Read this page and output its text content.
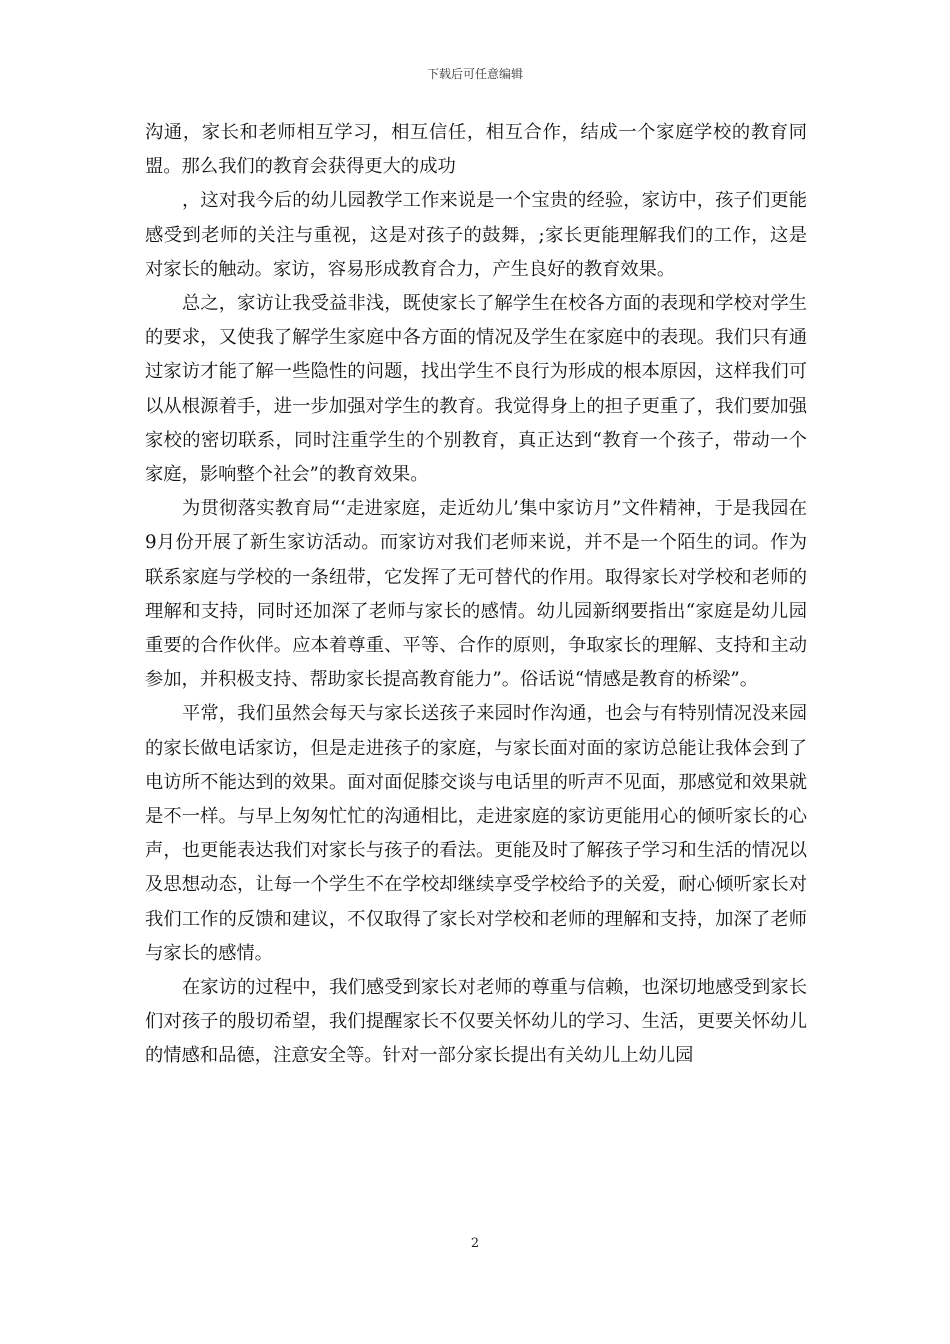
下载后可任意编辑

沟通，家长和老师相互学习，相互信任，相互合作，结成一个家庭学校的教育同盟。那么我们的教育会获得更大的成功

，这对我今后的幼儿园教学工作来说是一个宝贵的经验，家访中，孩子们更能感受到老师的关注与重视，这是对孩子的鼓舞，;家长更能理解我们的工作，这是对家长的触动。家访，容易形成教育合力，产生良好的教育效果。

总之，家访让我受益非浅，既使家长了解学生在校各方面的表现和学校对学生的要求，又使我了解学生家庭中各方面的情况及学生在家庭中的表现。我们只有通过家访才能了解一些隐性的问题，找出学生不良行为形成的根本原因，这样我们可以从根源着手，进一步加强对学生的教育。我觉得身上的担子更重了，我们要加强家校的密切联系，同时注重学生的个别教育，真正达到“教育一个孩子，带动一个家庭，影响整个社会”的教育效果。

为贯彻落实教育局“‘走进家庭，走近幼儿’集中家访月”文件精神，于是我园在9月份开展了新生家访活动。而家访对我们老师来说，并不是一个陌生的词。作为联系家庭与学校的一条纽带，它发挥了无可替代的作用。取得家长对学校和老师的理解和支持，同时还加深了老师与家长的感情。幼儿园新纲要指出“家庭是幼儿园重要的合作伙伴。应本着尊重、平等、合作的原则，争取家长的理解、支持和主动参加，并积极支持、帮助家长提高教育能力”。俗话说“情感是教育的桥梁”。

平常，我们虽然会每天与家长送孩子来园时作沟通，也会与有特别情况没来园的家长做电话家访，但是走进孩子的家庭，与家长面对面的家访总能让我体会到了电访所不能达到的效果。面对面促膝交谈与电话里的听声不见面，那感觉和效果就是不一样。与早上匆匆忙忙的沟通相比，走进家庭的家访更能用心的倾听家长的心声，也更能表达我们对家长与孩子的看法。更能及时了解孩子学习和生活的情况以及思想动态，让每一个学生不在学校却继续享受学校给予的关爱，耐心倾听家长对我们工作的反馈和建议，不仅取得了家长对学校和老师的理解和支持，加深了老师与家长的感情。

在家访的过程中，我们感受到家长对老师的尊重与信赖，也深切地感受到家长们对孩子的殷切希望，我们提醒家长不仅要关怀幼儿的学习、生活，更要关怀幼儿的情感和品德，注意安全等。针对一部分家长提出有关幼儿上幼儿园

2
